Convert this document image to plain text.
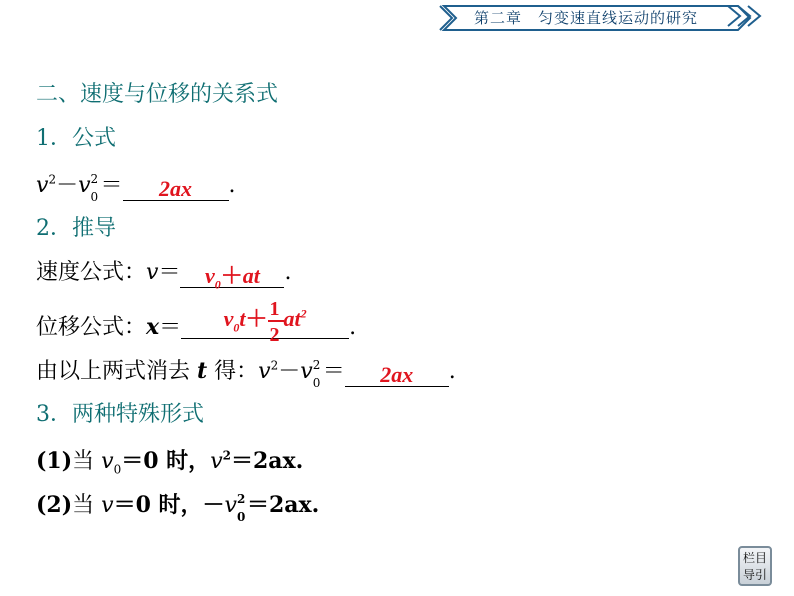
第二章　匀变速直线运动的研究
二、速度与位移的关系式
1．公式
$v^2-v$ 2
0 ＝ 2ax .
2．推导
速度公式：$v= v_0+at$ .
位移公式：$x= v_0t+ \frac{1}{2} at^2$.
由以上两式消去 t 得：$v^2-v$ 2
0 ＝ 2ax .
3．两种特殊形式
(1)当 $v_0=0$ 时，$v^2=2ax$.
(2)当 v＝0 时，－v 2
0 ＝2ax.
栏目
导引
